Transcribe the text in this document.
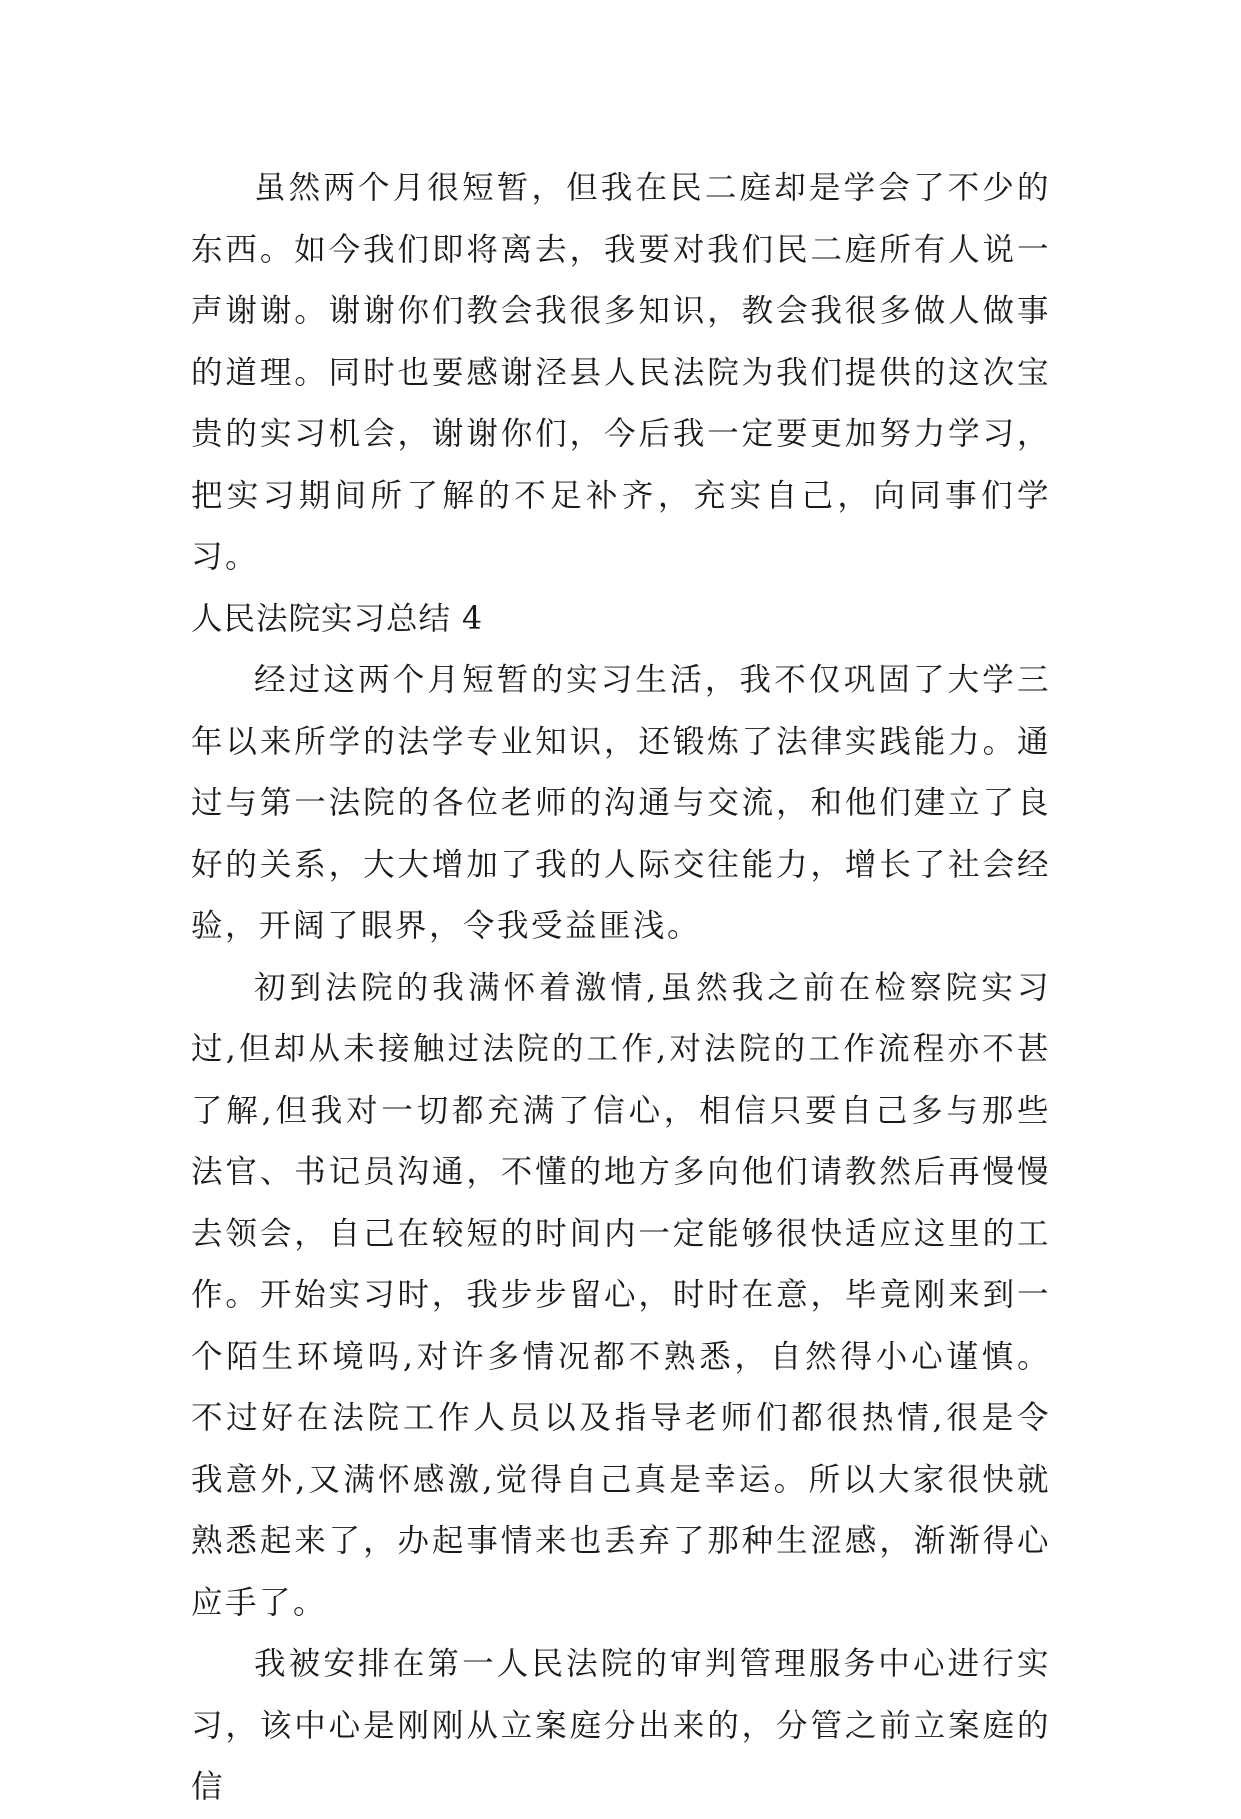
虽然两个月很短暂，但我在民二庭却是学会了不少的东西。如今我们即将离去，我要对我们民二庭所有人说一声谢谢。谢谢你们教会我很多知识，教会我很多做人做事的道理。同时也要感谢泾县人民法院为我们提供的这次宝贵的实习机会，谢谢你们，今后我一定要更加努力学习，把实习期间所了解的不足补齐，充实自己，向同事们学习。

人民法院实习总结 4

经过这两个月短暂的实习生活，我不仅巩固了大学三年以来所学的法学专业知识，还锻炼了法律实践能力。通过与第一法院的各位老师的沟通与交流，和他们建立了良好的关系，大大增加了我的人际交往能力，增长了社会经验，开阔了眼界，令我受益匪浅。

初到法院的我满怀着激情,虽然我之前在检察院实习过,但却从未接触过法院的工作,对法院的工作流程亦不甚了解,但我对一切都充满了信心，相信只要自己多与那些法官、书记员沟通，不懂的地方多向他们请教然后再慢慢去领会，自己在较短的时间内一定能够很快适应这里的工作。开始实习时，我步步留心，时时在意，毕竟刚来到一个陌生环境吗,对许多情况都不熟悉，自然得小心谨慎。不过好在法院工作人员以及指导老师们都很热情,很是令我意外,又满怀感激,觉得自己真是幸运。所以大家很快就熟悉起来了，办起事情来也丢弃了那种生涩感，渐渐得心应手了。

我被安排在第一人民法院的审判管理服务中心进行实习，该中心是刚刚从立案庭分出来的，分管之前立案庭的信
